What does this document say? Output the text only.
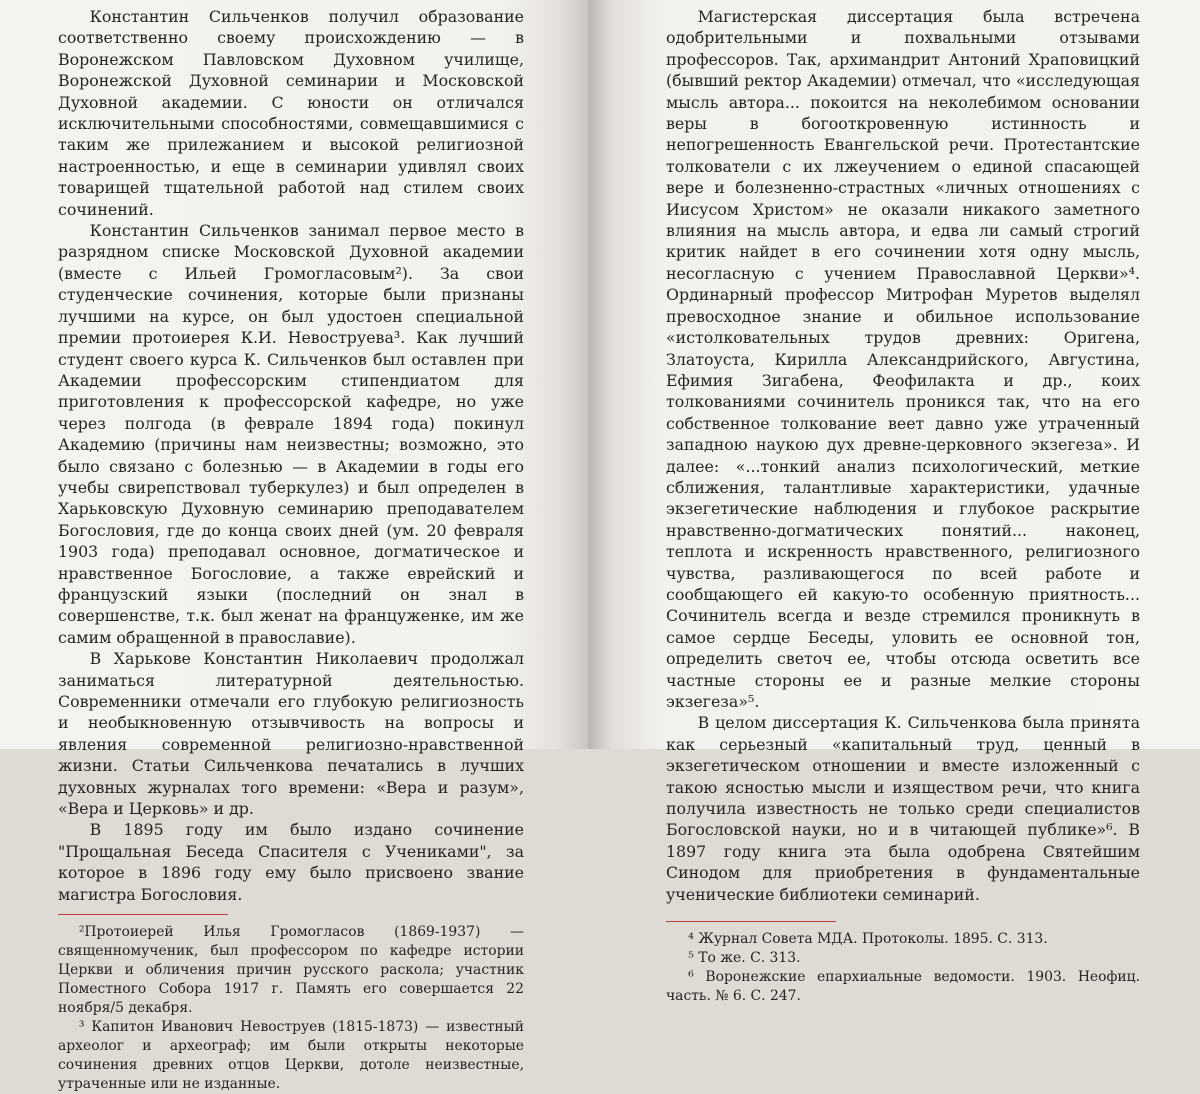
Константин Сильченков получил образование соответственно своему происхождению — в Воронежском Павловском Духовном училище, Воронежской Духовной семинарии и Московской Духовной академии. С юности он отличался исключительными способностями, совмещавшимися с таким же прилежанием и высокой религиозной настроенностью, и еще в семинарии удивлял своих товарищей тщательной работой над стилем своих сочинений.

Константин Сильченков занимал первое место в разрядном списке Московской Духовной академии (вместе с Ильей Громогласовым²). За свои студенческие сочинения, которые были признаны лучшими на курсе, он был удостоен специальной премии протоиерея К.И. Невоструева³. Как лучший студент своего курса К. Сильченков был оставлен при Академии профессорским стипендиатом для приготовления к профессорской кафедре, но уже через полгода (в феврале 1894 года) покинул Академию (причины нам неизвестны; возможно, это было связано с болезнью — в Академии в годы его учебы свирепствовал туберкулез) и был определен в Харьковскую Духовную семинарию преподавателем Богословия, где до конца своих дней (ум. 20 февраля 1903 года) преподавал основное, догматическое и нравственное Богословие, а также еврейский и французский языки (последний он знал в совершенстве, т.к. был женат на француженке, им же самим обращенной в православие).

В Харькове Константин Николаевич продолжал заниматься литературной деятельностью. Современники отмечали его глубокую религиозность и необыкновенную отзывчивость на вопросы и явления современной религиозно-нравственной жизни. Статьи Сильченкова печатались в лучших духовных журналах того времени: «Вера и разум», «Вера и Церковь» и др.

В 1895 году им было издано сочинение "Прощальная Беседа Спасителя с Учениками", за которое в 1896 году ему было присвоено звание магистра Богословия.

²Протоиерей Илья Громогласов (1869-1937) — священномученик, был профессором по кафедре истории Церкви и обличения причин русского раскола; участник Поместного Собора 1917 г. Память его совершается 22 ноября/5 декабря.

³ Капитон Иванович Невоструев (1815-1873) — известный археолог и археограф; им были открыты некоторые сочинения древних отцов Церкви, дотоле неизвестные, утраченные или не изданные.

Магистерская диссертация была встречена одобрительными и похвальными отзывами профессоров. Так, архимандрит Антоний Храповицкий (бывший ректор Академии) отмечал, что «исследующая мысль автора... покоится на неколебимом основании веры в богооткровенную истинность и непогрешенность Евангельской речи. Протестантские толкователи с их лжеучением о единой спасающей вере и болезненно-страстных «личных отношениях с Иисусом Христом» не оказали никакого заметного влияния на мысль автора, и едва ли самый строгий критик найдет в его сочинении хотя одну мысль, несогласную с учением Православной Церкви»⁴. Ординарный профессор Митрофан Муретов выделял превосходное знание и обильное использование «истолковательных трудов древних: Оригена, Златоуста, Кирилла Александрийского, Августина, Ефимия Зигабена, Феофилакта и др., коих толкованиями сочинитель проникся так, что на его собственное толкование веет давно уже утраченный западною наукою дух древне-церковного экзегеза». И далее: «...тонкий анализ психологический, меткие сближения, талантливые характеристики, удачные экзегетические наблюдения и глубокое раскрытие нравственно-догматических понятий... наконец, теплота и искренность нравственного, религиозного чувства, разливающегося по всей работе и сообщающего ей какую-то особенную приятность... Сочинитель всегда и везде стремился проникнуть в самое сердце Беседы, уловить ее основной тон, определить светоч ее, чтобы отсюда осветить все частные стороны ее и разные мелкие стороны экзегеза»⁵.

В целом диссертация К. Сильченкова была принята как серьезный «капитальный труд, ценный в экзегетическом отношении и вместе изложенный с такою ясностью мысли и изяществом речи, что книга получила известность не только среди специалистов Богословской науки, но и в читающей публике»⁶. В 1897 году книга эта была одобрена Святейшим Синодом для приобретения в фундаментальные ученические библиотеки семинарий.

⁴ Журнал Совета МДА. Протоколы. 1895. С. 313.

⁵ То же. С. 313.

⁶ Воронежские епархиальные ведомости. 1903. Неофиц. часть. № 6. С. 247.
